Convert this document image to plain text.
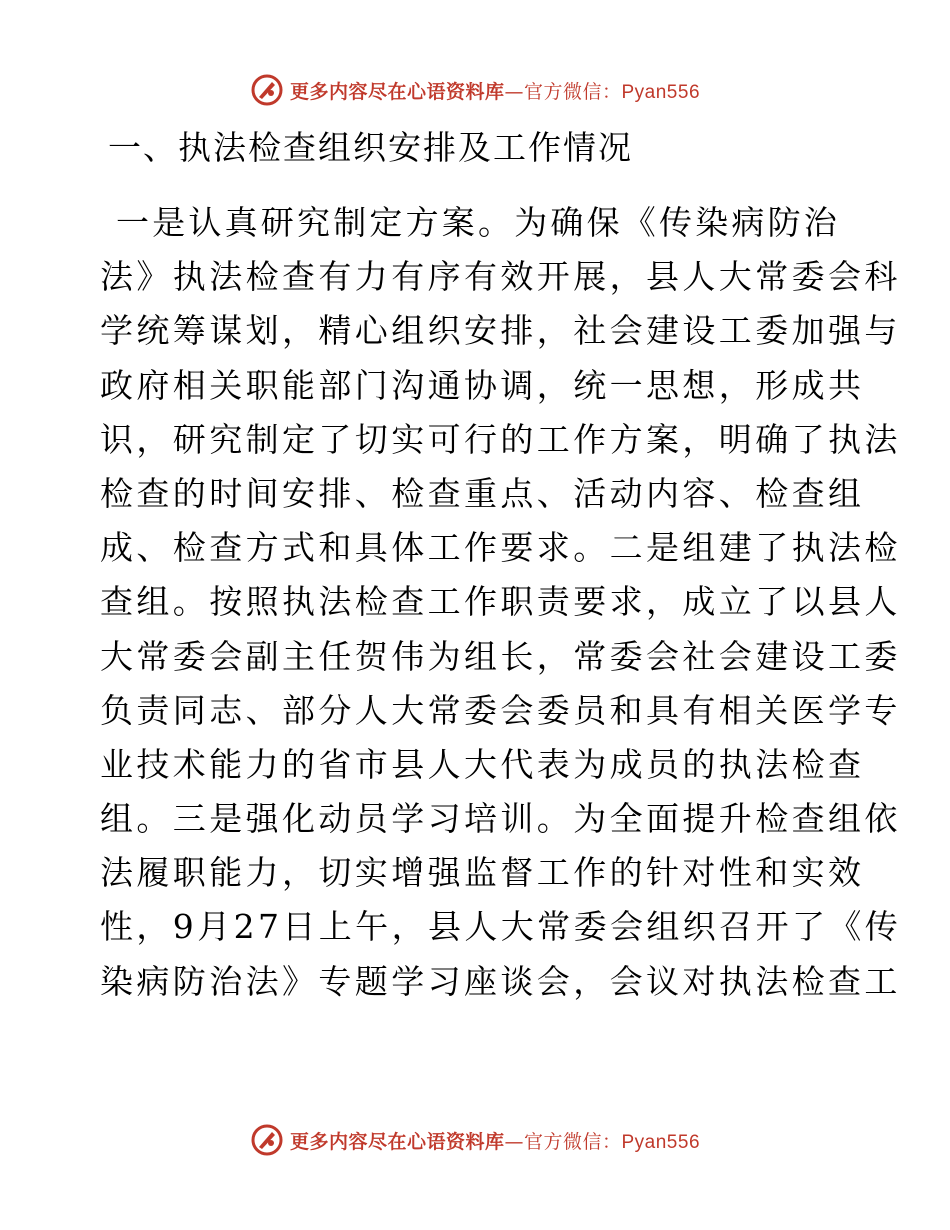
更多内容尽在心语资料库—官方微信：Pyan556
一、执法检查组织安排及工作情况
一是认真研究制定方案。为确保《传染病防治
法》执法检查有力有序有效开展，县人大常委会科
学统筹谋划，精心组织安排，社会建设工委加强与
政府相关职能部门沟通协调，统一思想，形成共
识，研究制定了切实可行的工作方案，明确了执法
检查的时间安排、检查重点、活动内容、检查组
成、检查方式和具体工作要求。二是组建了执法检
查组。按照执法检查工作职责要求，成立了以县人
大常委会副主任贺伟为组长，常委会社会建设工委
负责同志、部分人大常委会委员和具有相关医学专
业技术能力的省市县人大代表为成员的执法检查
组。三是强化动员学习培训。为全面提升检查组依
法履职能力，切实增强监督工作的针对性和实效
性，9月27日上午，县人大常委会组织召开了《传
染病防治法》专题学习座谈会，会议对执法检查工
更多内容尽在心语资料库—官方微信：Pyan556
